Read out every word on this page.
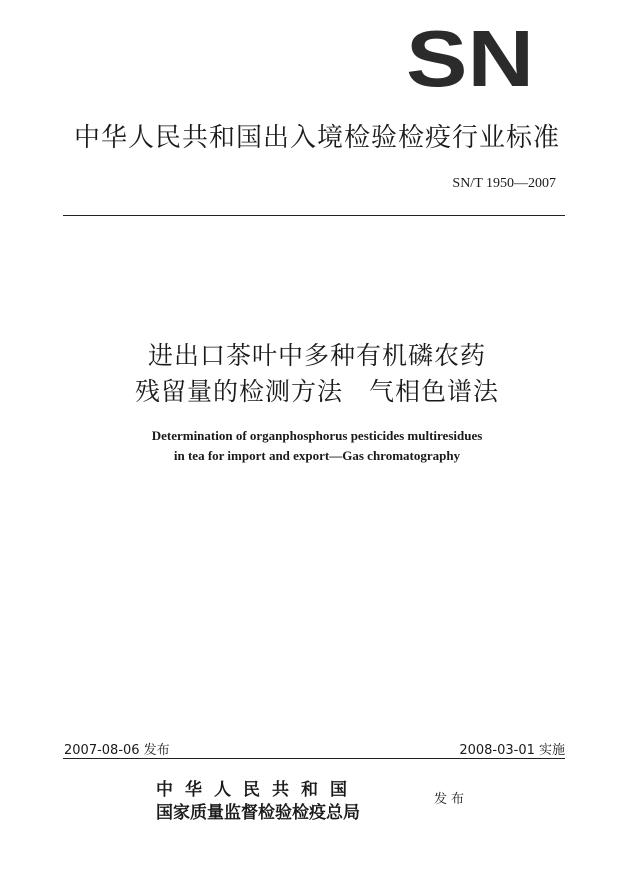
SN
中华人民共和国出入境检验检疫行业标准
SN/T 1950—2007
进出口茶叶中多种有机磷农药
残留量的检测方法　气相色谱法
Determination of organphosphorus pesticides multiresidues
in tea for import and export—Gas chromatography
2007-08-06 发布	2008-03-01 实施
中华人民共和国
国家质量监督检验检疫总局
发布
